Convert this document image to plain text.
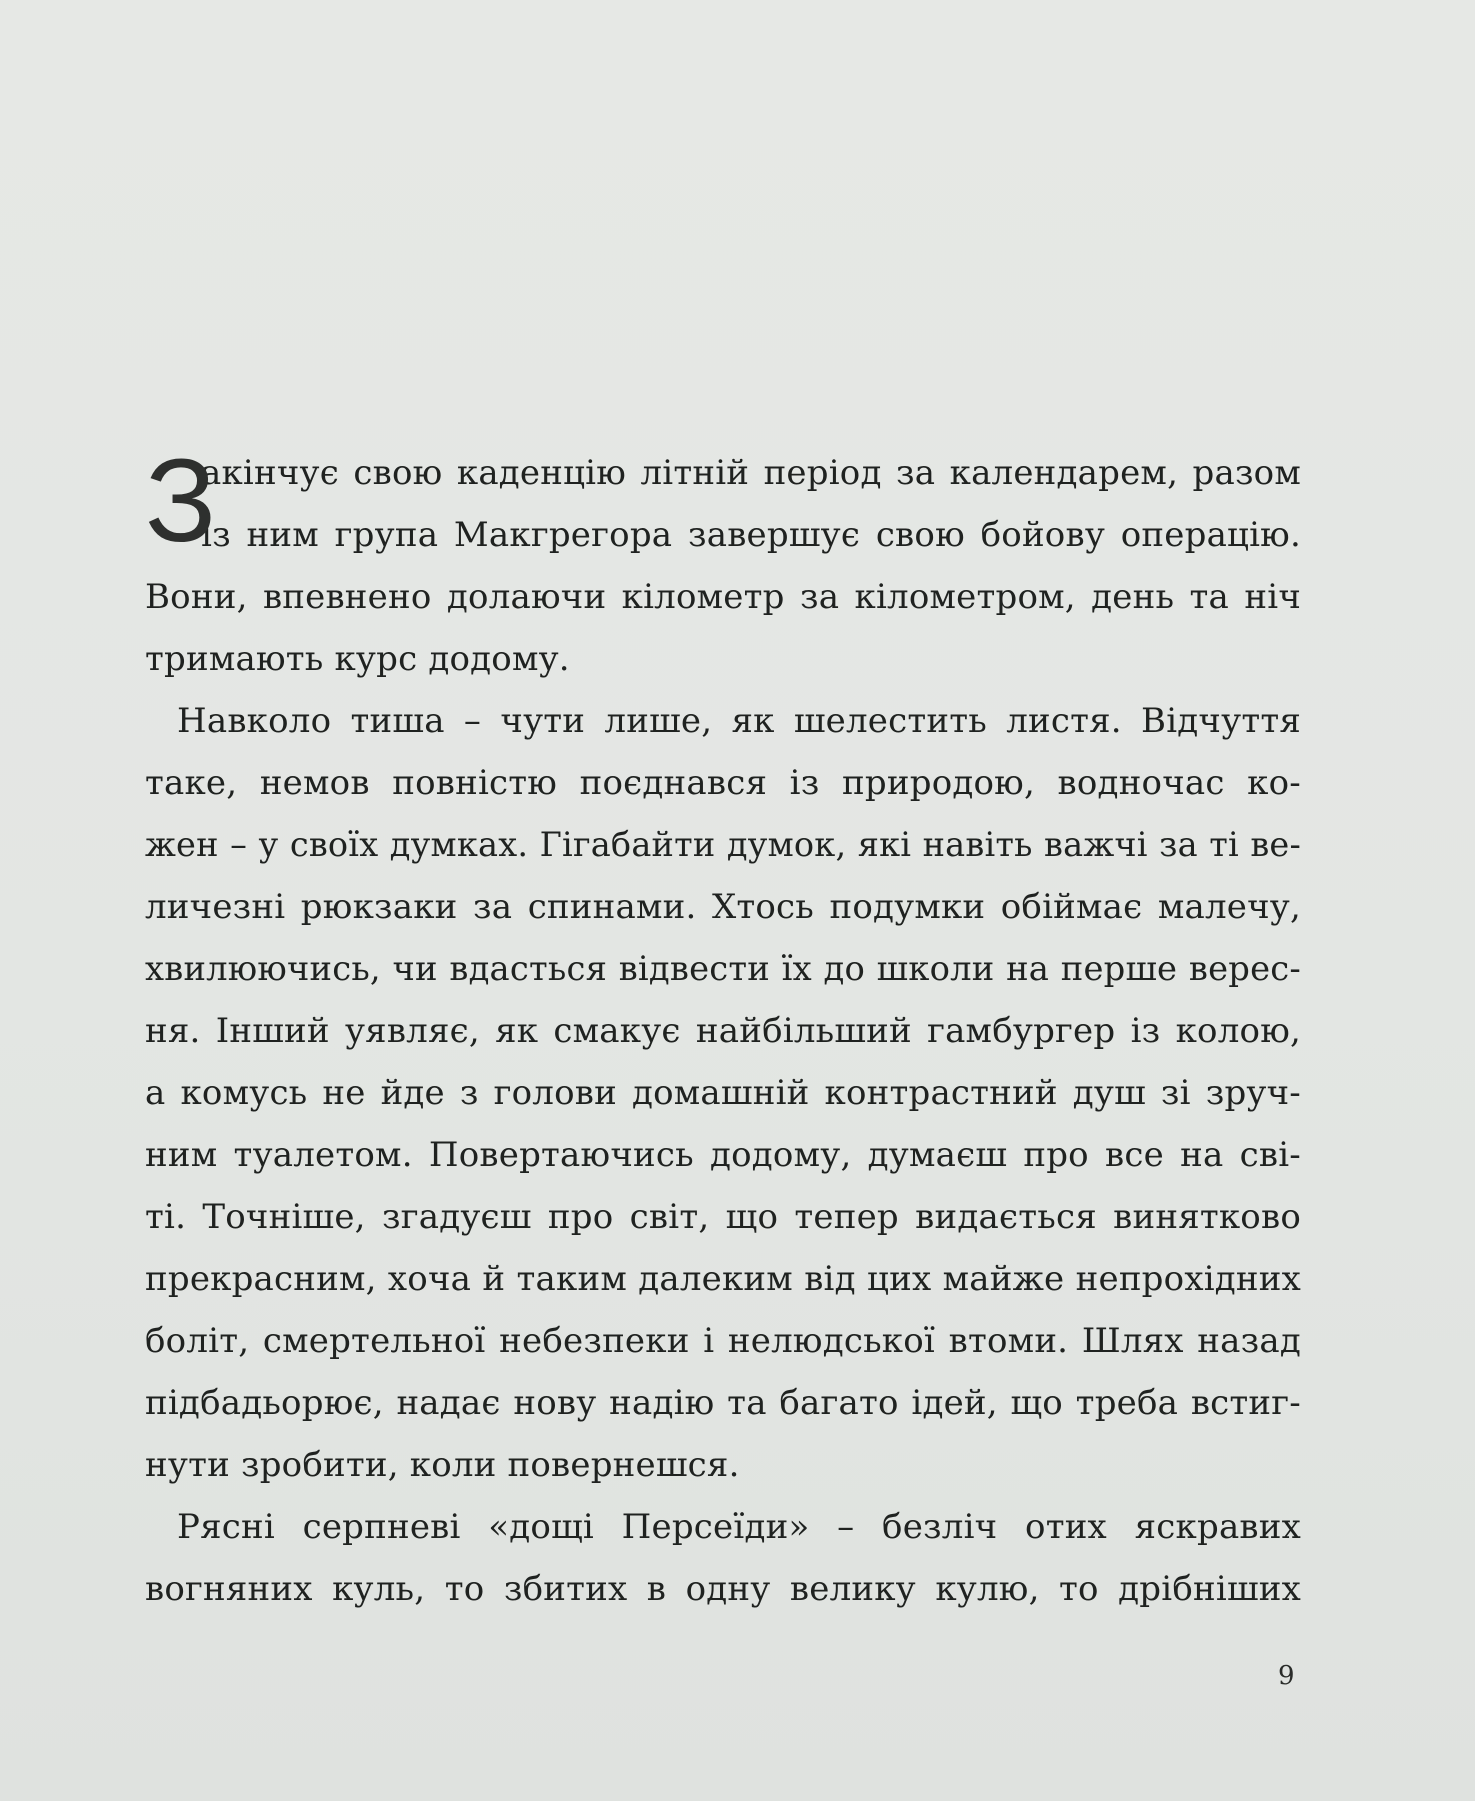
З
акінчує свою каденцію літній період за календарем, разом
із ним група Макгрегора завершує свою бойову операцію.
Вони, впевнено долаючи кілометр за кілометром, день та ніч
тримають курс додому.
Навколо тиша – чути лише, як шелестить листя. Відчуття
таке, немов повністю поєднався із природою, водночас ко-
жен – у своїх думках. Гігабайти думок, які навіть важчі за ті ве-
личезні рюкзаки за спинами. Хтось подумки обіймає малечу,
хвилюючись, чи вдасться відвести їх до школи на перше верес-
ня. Інший уявляє, як смакує найбільший гамбургер із колою,
а комусь не йде з голови домашній контрастний душ зі зруч-
ним туалетом. Повертаючись додому, думаєш про все на сві-
ті. Точніше, згадуєш про світ, що тепер видається винятково
прекрасним, хоча й таким далеким від цих майже непрохідних
боліт, смертельної небезпеки і нелюдської втоми. Шлях назад
підбадьорює, надає нову надію та багато ідей, що треба встиг-
нути зробити, коли повернешся.
Рясні серпневі «дощі Персеїди» – безліч отих яскравих
вогняних куль, то збитих в одну велику кулю, то дрібніших
9
